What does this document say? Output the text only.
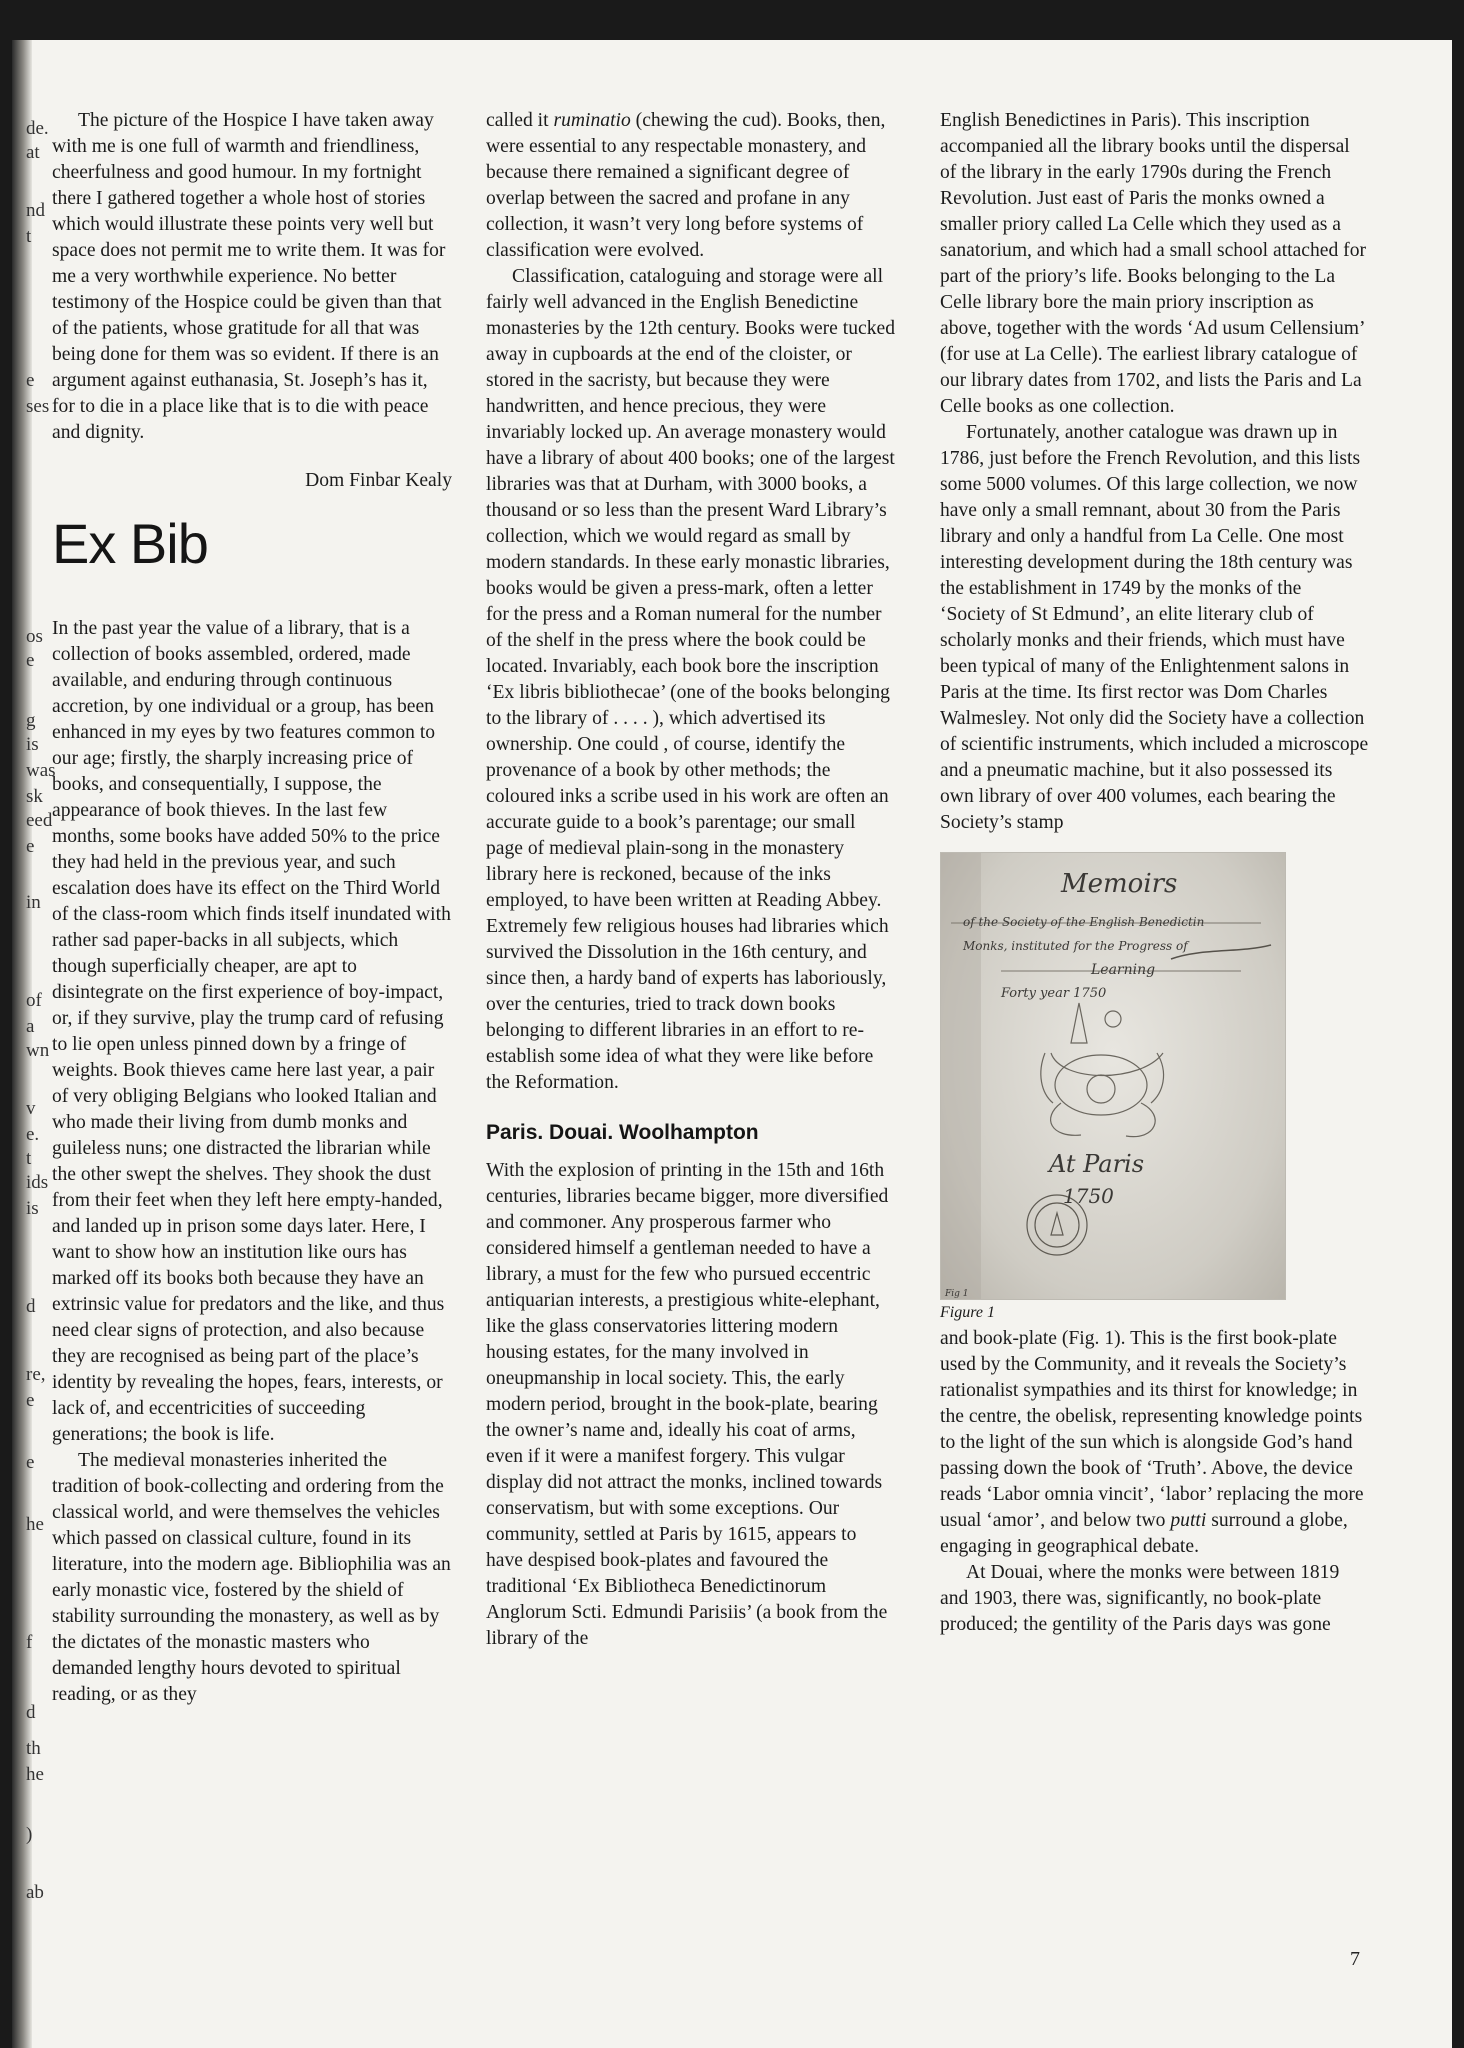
de.
at
nd
t
e
ses
os
e
g
is
was
sk
eed
e
in
of
a
wn
v
e.
t
ids
is
d
re,
e
e
he
f
d
th
he
)
ab

The picture of the Hospice I have taken away with me is one full of warmth and friendliness, cheerfulness and good humour. In my fortnight there I gathered together a whole host of stories which would illustrate these points very well but space does not permit me to write them. It was for me a very worthwhile experience. No better testimony of the Hospice could be given than that of the patients, whose gratitude for all that was being done for them was so evident. If there is an argument against euthanasia, St. Joseph’s has it, for to die in a place like that is to die with peace and dignity.

Dom Finbar Kealy

Ex Bib

In the past year the value of a library, that is a collection of books assembled, ordered, made available, and enduring through continuous accretion, by one individual or a group, has been enhanced in my eyes by two features common to our age; firstly, the sharply increasing price of books, and consequentially, I suppose, the appearance of book thieves. In the last few months, some books have added 50% to the price they had held in the previous year, and such escalation does have its effect on the Third World of the class-room which finds itself inundated with rather sad paper-backs in all subjects, which though superficially cheaper, are apt to disintegrate on the first experience of boy-impact, or, if they survive, play the trump card of refusing to lie open unless pinned down by a fringe of weights. Book thieves came here last year, a pair of very obliging Belgians who looked Italian and who made their living from dumb monks and guileless nuns; one distracted the librarian while the other swept the shelves. They shook the dust from their feet when they left here empty-handed, and landed up in prison some days later. Here, I want to show how an institution like ours has marked off its books both because they have an extrinsic value for predators and the like, and thus need clear signs of protection, and also because they are recognised as being part of the place’s identity by revealing the hopes, fears, interests, or lack of, and eccentricities of succeeding generations; the book is life.

The medieval monasteries inherited the tradition of book-collecting and ordering from the classical world, and were themselves the vehicles which passed on classical culture, found in its literature, into the modern age. Bibliophilia was an early monastic vice, fostered by the shield of stability surrounding the monastery, as well as by the dictates of the monastic masters who demanded lengthy hours devoted to spiritual reading, or as they

called it ruminatio (chewing the cud). Books, then, were essential to any respectable monastery, and because there remained a significant degree of overlap between the sacred and profane in any collection, it wasn’t very long before systems of classification were evolved.

Classification, cataloguing and storage were all fairly well advanced in the English Benedictine monasteries by the 12th century. Books were tucked away in cupboards at the end of the cloister, or stored in the sacristy, but because they were handwritten, and hence precious, they were invariably locked up. An average monastery would have a library of about 400 books; one of the largest libraries was that at Durham, with 3000 books, a thousand or so less than the present Ward Library’s collection, which we would regard as small by modern standards. In these early monastic libraries, books would be given a press-mark, often a letter for the press and a Roman numeral for the number of the shelf in the press where the book could be located. Invariably, each book bore the inscription ‘Ex libris bibliothecae’ (one of the books belonging to the library of . . . . ), which advertised its ownership. One could , of course, identify the provenance of a book by other methods; the coloured inks a scribe used in his work are often an accurate guide to a book’s parentage; our small page of medieval plain-song in the monastery library here is reckoned, because of the inks employed, to have been written at Reading Abbey. Extremely few religious houses had libraries which survived the Dissolution in the 16th century, and since then, a hardy band of experts has laboriously, over the centuries, tried to track down books belonging to different libraries in an effort to re-establish some idea of what they were like before the Reformation.

Paris. Douai. Woolhampton

With the explosion of printing in the 15th and 16th centuries, libraries became bigger, more diversified and commoner. Any prosperous farmer who considered himself a gentleman needed to have a library, a must for the few who pursued eccentric antiquarian interests, a prestigious white-elephant, like the glass conservatories littering modern housing estates, for the many involved in oneupmanship in local society. This, the early modern period, brought in the book-plate, bearing the owner’s name and, ideally his coat of arms, even if it were a manifest forgery. This vulgar display did not attract the monks, inclined towards conservatism, but with some exceptions. Our community, settled at Paris by 1615, appears to have despised book-plates and favoured the traditional ‘Ex Bibliotheca Benedictinorum Anglorum Scti. Edmundi Parisiis’ (a book from the library of the

English Benedictines in Paris). This inscription accompanied all the library books until the dispersal of the library in the early 1790s during the French Revolution. Just east of Paris the monks owned a smaller priory called La Celle which they used as a sanatorium, and which had a small school attached for part of the priory’s life. Books belonging to the La Celle library bore the main priory inscription as above, together with the words ‘Ad usum Cellensium’ (for use at La Celle). The earliest library catalogue of our library dates from 1702, and lists the Paris and La Celle books as one collection.

Fortunately, another catalogue was drawn up in 1786, just before the French Revolution, and this lists some 5000 volumes. Of this large collection, we now have only a small remnant, about 30 from the Paris library and only a handful from La Celle. One most interesting development during the 18th century was the establishment in 1749 by the monks of the ‘Society of St Edmund’, an elite literary club of scholarly monks and their friends, which must have been typical of many of the Enlightenment salons in Paris at the time. Its first rector was Dom Charles Walmesley. Not only did the Society have a collection of scientific instruments, which included a microscope and a pneumatic machine, but it also possessed its own library of over 400 volumes, each bearing the Society’s stamp

Memoirs
of the Society of the English Benedictin
Monks, instituted for the Progress of
Learning
Forty year 1750
At Paris
1750
Fig 1

Figure 1

and book-plate (Fig. 1). This is the first book-plate used by the Community, and it reveals the Society’s rationalist sympathies and its thirst for knowledge; in the centre, the obelisk, representing knowledge points to the light of the sun which is alongside God’s hand passing down the book of ‘Truth’. Above, the device reads ‘Labor omnia vincit’, ‘labor’ replacing the more usual ‘amor’, and below two putti surround a globe, engaging in geographical debate.

At Douai, where the monks were between 1819 and 1903, there was, significantly, no book-plate produced; the gentility of the Paris days was gone

7
